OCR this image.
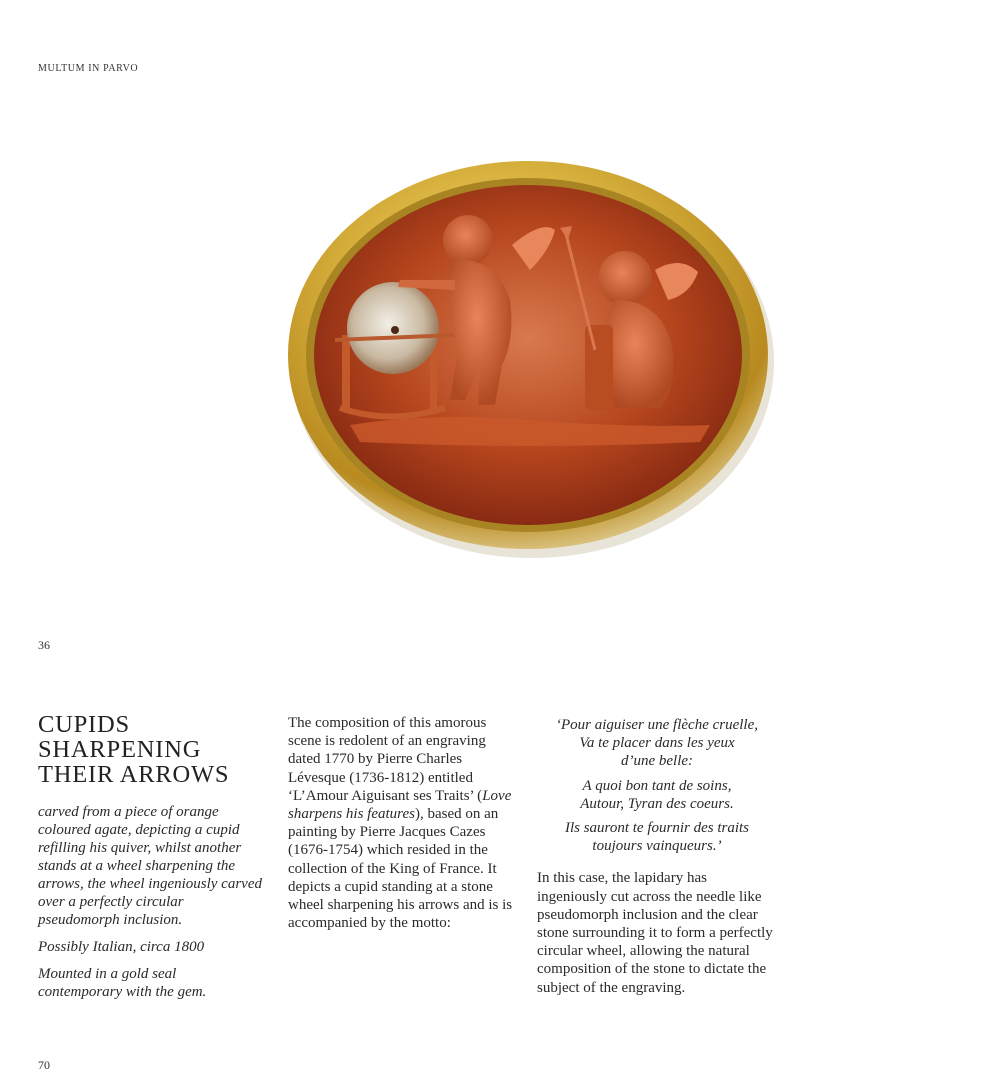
MULTUM IN PARVO
36
CUPIDS
SHARPENING
THEIR ARROWS

carved from a piece of orange coloured agate, depicting a cupid refilling his quiver, whilst another stands at a wheel sharpening the arrows, the wheel ingeniously carved over a perfectly circular pseudomorph inclusion.

Possibly Italian, circa 1800

Mounted in a gold seal contemporary with the gem.

The composition of this amorous scene is redolent of an engraving dated 1770 by Pierre Charles Lévesque (1736-1812) entitled ‘L’Amour Aiguisant ses Traits’ (Love sharpens his features), based on an painting by Pierre Jacques Cazes (1676-1754) which resided in the collection of the King of France. It depicts a cupid standing at a stone wheel sharpening his arrows and is is accompanied by the motto:

‘Pour aiguiser une flèche cruelle,
Va te placer dans les yeux
d’une belle:
A quoi bon tant de soins,
Autour, Tyran des coeurs.
Ils sauront te fournir des traits
toujours vainqueurs.’

In this case, the lapidary has ingeniously cut across the needle like pseudomorph inclusion and the clear stone surrounding it to form a perfectly circular wheel, allowing the natural composition of the stone to dictate the subject of the engraving.

70
